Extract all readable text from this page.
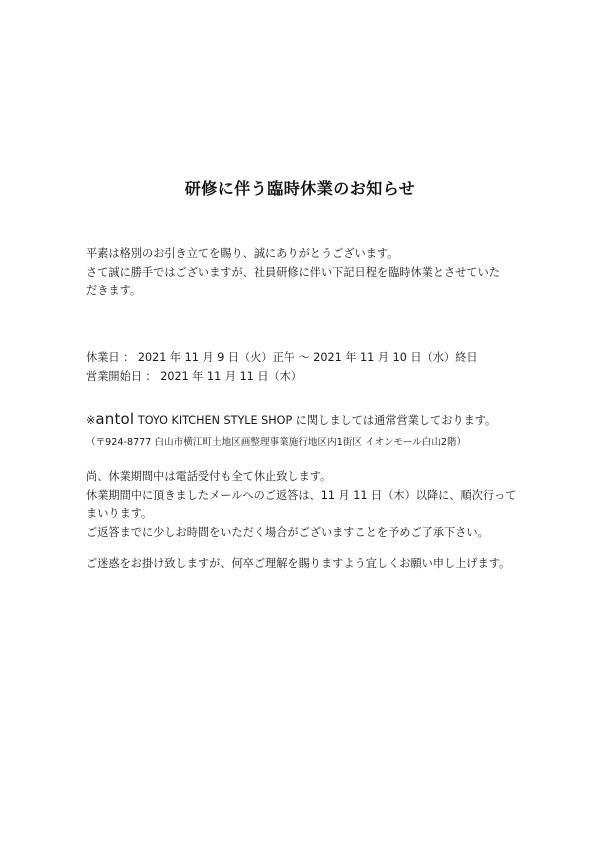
研修に伴う臨時休業のお知らせ
平素は格別のお引き立てを賜り、誠にありがとうございます。
さて誠に勝手ではございますが、社員研修に伴い下記日程を臨時休業とさせていた
だきます。
休業日 ： 2021 年 11 月 9 日（火）正午 ～ 2021 年 11 月 10 日（水）終日
営業開始日 ： 2021 年 11 月 11 日（木）
※antol TOYO KITCHEN STYLE SHOP に関しましては通常営業しております。
（〒924-8777 白山市横江町土地区画整理事業施行地区内1街区 イオンモール白山2階）
尚、休業期間中は電話受付も全て休止致します。
休業期間中に頂きましたメールへのご返答は、11 月 11 日（木）以降に、順次行って
まいります。
ご返答までに少しお時間をいただく場合がございますことを予めご了承下さい。
ご迷惑をお掛け致しますが、何卒ご理解を賜りますよう宜しくお願い申し上げます。
